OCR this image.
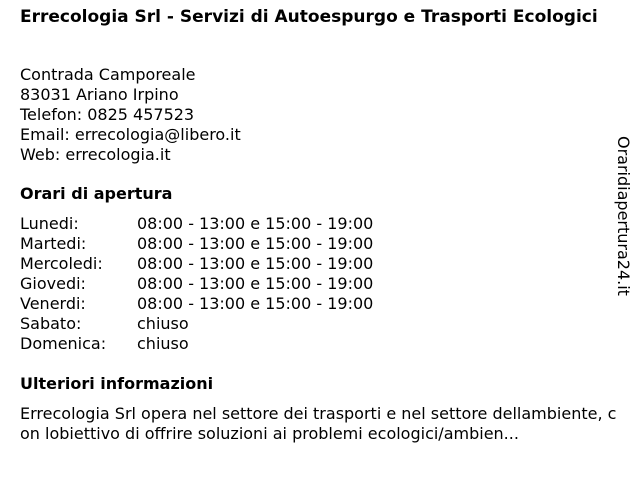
Errecologia Srl - Servizi di Autoespurgo e Trasporti Ecologici
Contrada Camporeale
83031 Ariano Irpino
Telefon: 0825 457523
Email: errecologia@libero.it
Web: errecologia.it
Orari di apertura
Lunedi:	08:00 - 13:00 e 15:00 - 19:00
Martedi:	08:00 - 13:00 e 15:00 - 19:00
Mercoledi:	08:00 - 13:00 e 15:00 - 19:00
Giovedi:	08:00 - 13:00 e 15:00 - 19:00
Venerdi:	08:00 - 13:00 e 15:00 - 19:00
Sabato:	chiuso
Domenica:	chiuso
Ulteriori informazioni

Errecologia Srl opera nel settore dei trasporti e nel settore dellambiente, con lobiettivo di offrire soluzioni ai problemi ecologici/ambien...

Oraridiapertura24.it
